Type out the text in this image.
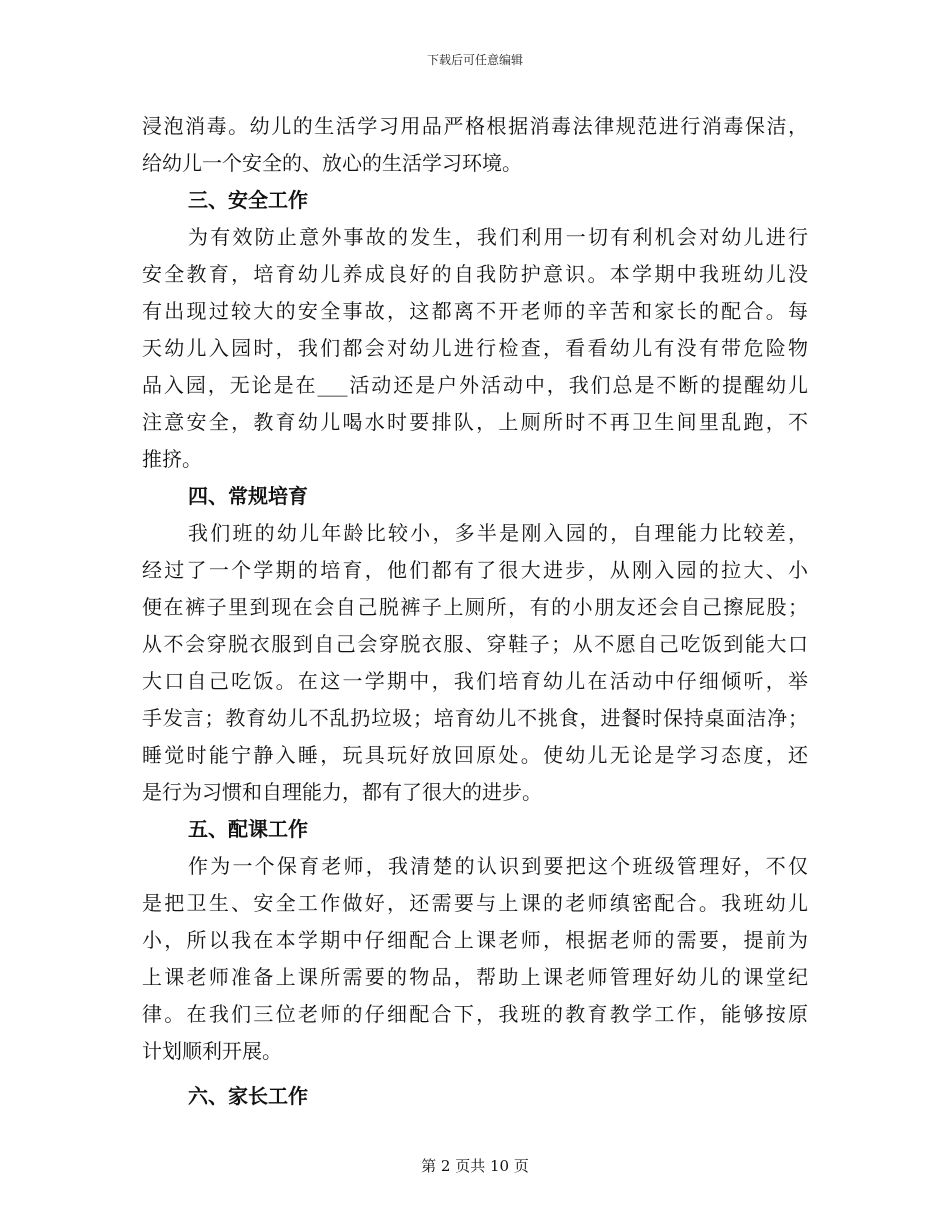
下载后可任意编辑
浸泡消毒。幼儿的生活学习用品严格根据消毒法律规范进行消毒保洁，
给幼儿一个安全的、放心的生活学习环境。
三、安全工作
为有效防止意外事故的发生，我们利用一切有利机会对幼儿进行
安全教育，培育幼儿养成良好的自我防护意识。本学期中我班幼儿没
有出现过较大的安全事故，这都离不开老师的辛苦和家长的配合。每
天幼儿入园时，我们都会对幼儿进行检查，看看幼儿有没有带危险物
品入园，无论是在___活动还是户外活动中，我们总是不断的提醒幼儿
注意安全，教育幼儿喝水时要排队，上厕所时不再卫生间里乱跑，不
推挤。
四、常规培育
我们班的幼儿年龄比较小，多半是刚入园的，自理能力比较差，
经过了一个学期的培育，他们都有了很大进步，从刚入园的拉大、小
便在裤子里到现在会自己脱裤子上厕所，有的小朋友还会自己擦屁股；
从不会穿脱衣服到自己会穿脱衣服、穿鞋子；从不愿自己吃饭到能大口
大口自己吃饭。在这一学期中，我们培育幼儿在活动中仔细倾听，举
手发言；教育幼儿不乱扔垃圾；培育幼儿不挑食，进餐时保持桌面洁净；
睡觉时能宁静入睡，玩具玩好放回原处。使幼儿无论是学习态度，还
是行为习惯和自理能力，都有了很大的进步。
五、配课工作
作为一个保育老师，我清楚的认识到要把这个班级管理好，不仅
是把卫生、安全工作做好，还需要与上课的老师缜密配合。我班幼儿
小，所以我在本学期中仔细配合上课老师，根据老师的需要，提前为
上课老师准备上课所需要的物品，帮助上课老师管理好幼儿的课堂纪
律。在我们三位老师的仔细配合下，我班的教育教学工作，能够按原
计划顺利开展。
六、家长工作
第 2 页共 10 页
